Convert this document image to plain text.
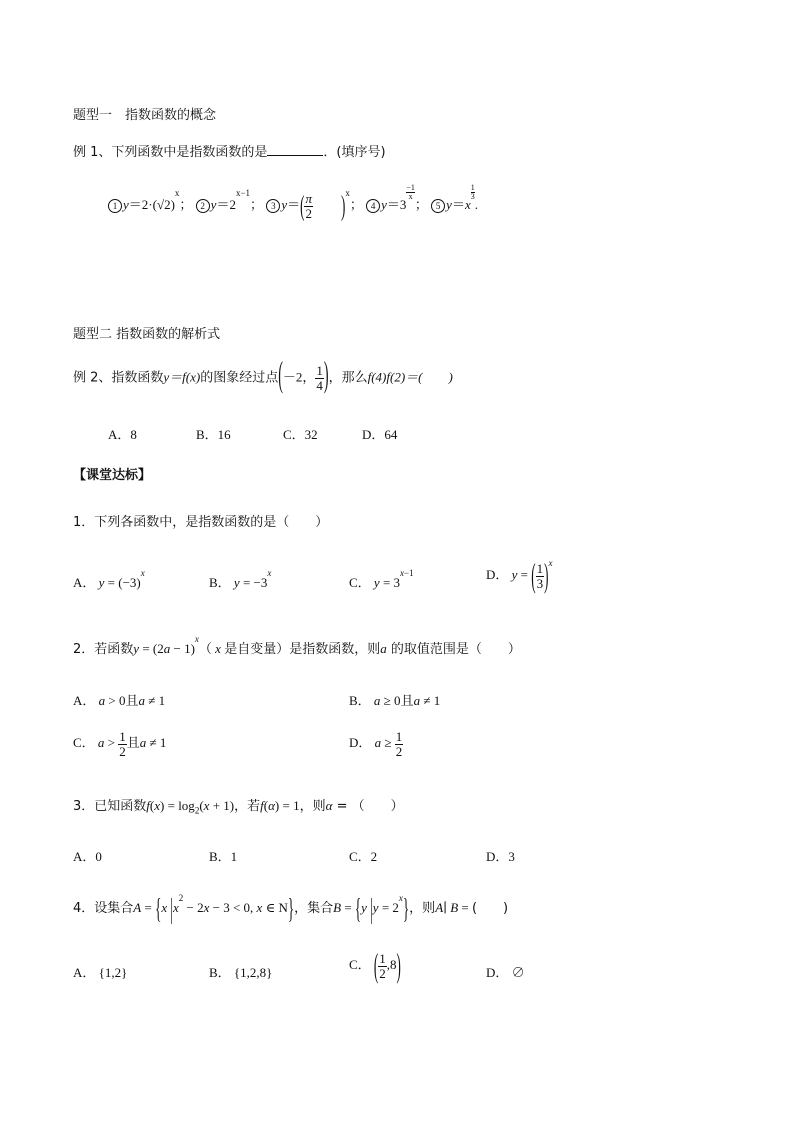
题型一　指数函数的概念
例 1、下列函数中是指数函数的是	．(填序号)
1 $y=2\cdot(√2)^x$； 2 $y=2^{x-1}$； 3 $y=( \frac{\pi}{2} )^x$； 4 y＝3
$\frac{-1}{x}$
； 5 y＝x
$\frac{1}{3}$
.
题型二 指数函数的解析式
例 2、指数函数y＝f(x)的图象经过点(－2， $\frac{1}{4}$ )，那么f(4)f(2)＝(　　)
A．8	B．16	C．32	D．64
【课堂达标】
1．下列各函数中，是指数函数的是（　　）
A． $y = (-3)^x$
B． $y = -3^x$
C． $y = 3^{x-1}$	D． y = ( $\frac{1}{3} )^x$
2．若函数$y = (2a - 1)^x$（ x 是自变量）是指数函数，则a 的取值范围是（　　）
A． a > 0且a ≠ 1	B． a ≥ 0且a ≠ 1
C． $a > \frac{1}{2}$ 且a ≠ 1	D． $a \ge \frac{1}{2}$
3．已知函数$f(x) = \log_2(x + 1)$，若f(α) = 1，则α = （　　）
A．0	B．1	C．2	D．3
4．设集合A = {x $|x^2 - 2x - 3 < 0$, x ∈ N}，集合B = {y $|y = 2^x$}，则A∣ B = (　　)
A． {1,2}	B． {1,2,8}
C． ( $\frac{1}{2} ,8$)	D． ∅
